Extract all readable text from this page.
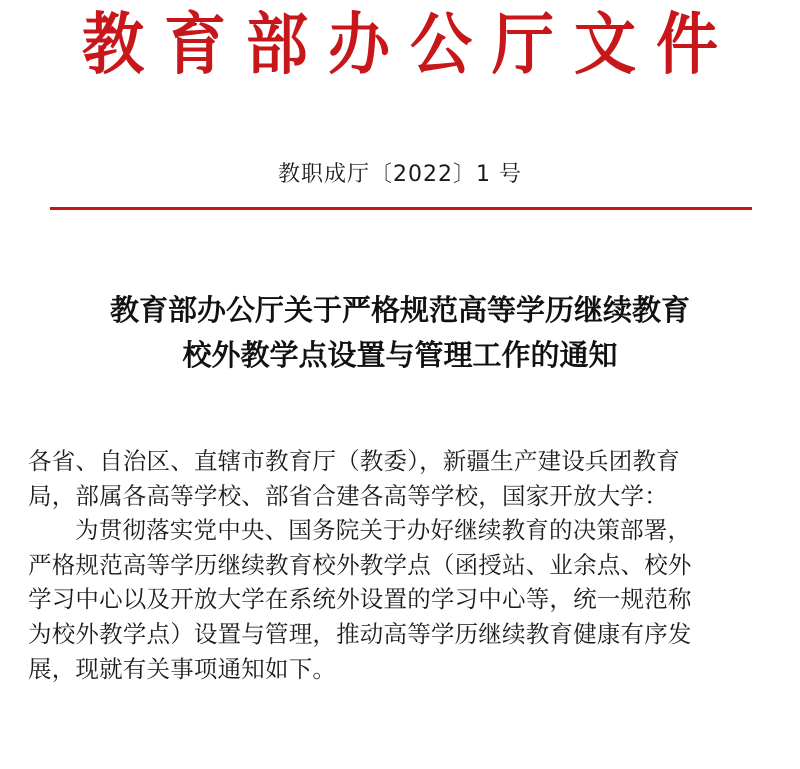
教育部办公厅文件
教职成厅〔2022〕1 号
教育部办公厅关于严格规范高等学历继续教育
校外教学点设置与管理工作的通知
各省、自治区、直辖市教育厅（教委），新疆生产建设兵团教育
局，部属各高等学校、部省合建各高等学校，国家开放大学：
为贯彻落实党中央、国务院关于办好继续教育的决策部署，
严格规范高等学历继续教育校外教学点（函授站、业余点、校外
学习中心以及开放大学在系统外设置的学习中心等，统一规范称
为校外教学点）设置与管理，推动高等学历继续教育健康有序发
展，现就有关事项通知如下。
